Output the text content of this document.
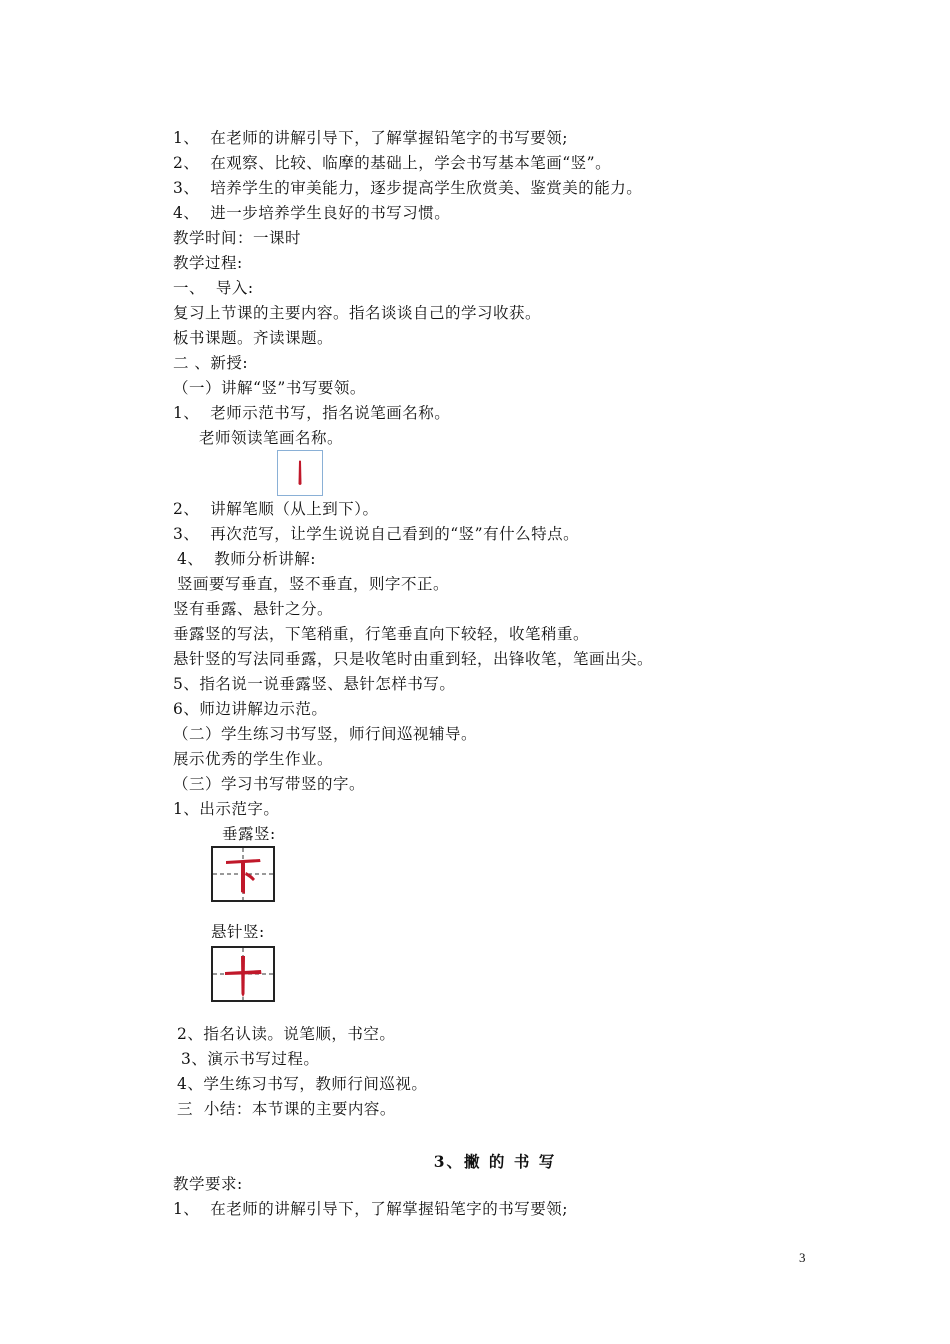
1、  在老师的讲解引导下，了解掌握铅笔字的书写要领;
2、  在观察、比较、临摩的基础上，学会书写基本笔画“竖”。
3、  培养学生的审美能力，逐步提高学生欣赏美、鉴赏美的能力。
4、  进一步培养学生良好的书写习惯。
教学时间：一课时
教学过程:
一、  导入:
复习上节课的主要内容。指名谈谈自己的学习收获。
板书课题。齐读课题。
二 、新授:
（一）讲解“竖”书写要领。
1、  老师示范书写，指名说笔画名称。
老师领读笔画名称。
2、  讲解笔顺（从上到下）。
3、  再次范写，让学生说说自己看到的“竖”有什么特点。
4、  教师分析讲解:
竖画要写垂直，竖不垂直，则字不正。
竖有垂露、悬针之分。
垂露竖的写法，下笔稍重，行笔垂直向下较轻，收笔稍重。
悬针竖的写法同垂露，只是收笔时由重到轻，出锋收笔，笔画出尖。
5、指名说一说垂露竖、悬针怎样书写。
6、师边讲解边示范。
（二）学生练习书写竖，师行间巡视辅导。
展示优秀的学生作业。
（三）学习书写带竖的字。
1、出示范字。
垂露竖:
悬针竖:
2、指名认读。说笔顺，书空。
3、演示书写过程。
4、学生练习书写，教师行间巡视。
三  小结：本节课的主要内容。
3、撇 的 书 写
教学要求:
1、  在老师的讲解引导下，了解掌握铅笔字的书写要领;
3
